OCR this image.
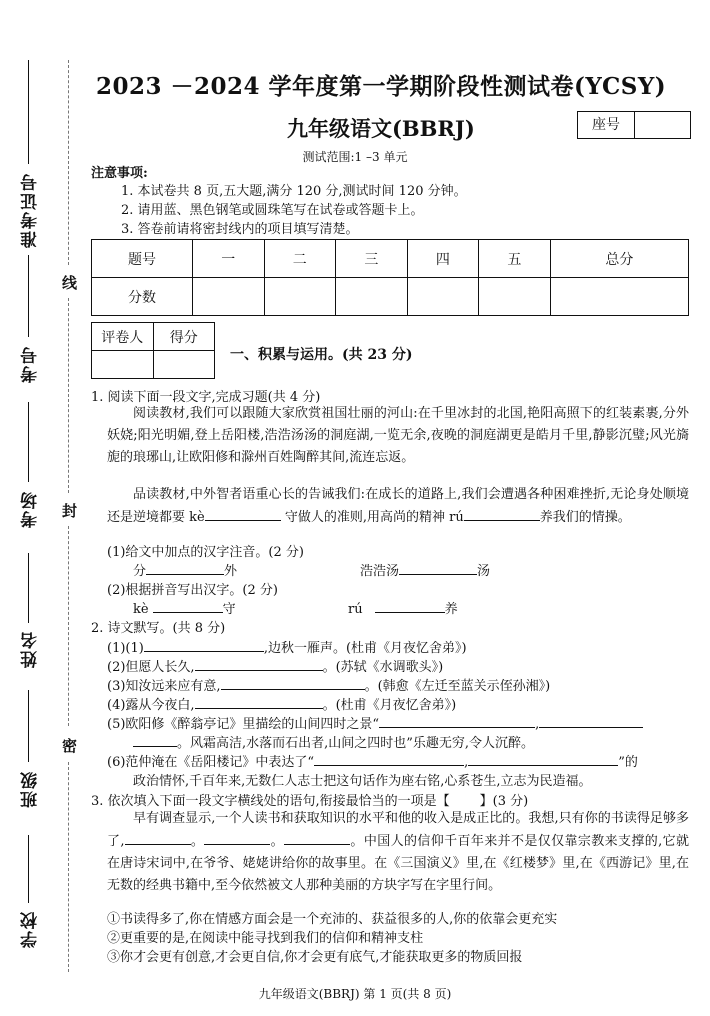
学校
班级
姓名
考场
考号
准考证号
线
封
密
2023 －2024 学年度第一学期阶段性测试卷(YCSY)
九年级语文(BBRJ)	座号
测试范围:1 –3 单元
注意事项:
1. 本试卷共 8 页,五大题,满分 120 分,测试时间 120 分钟。
2. 请用蓝、黑色钢笔或圆珠笔写在试卷或答题卡上。
3. 答卷前请将密封线内的项目填写清楚。
题号	一	二	三	四	五	总分
分数						
评卷人	得分

一、积累与运用。(共 23 分)
1. 阅读下面一段文字,完成习题(共 4 分)

阅读教材,我们可以跟随大家欣赏祖国壮丽的河山:在千里冰封的北国,艳阳高照下的红装素裹,分外妖娆;阳光明媚,登上岳阳楼,浩浩汤汤的洞庭湖,一览无余,夜晚的洞庭湖更是皓月千里,静影沉璧;风光旖旎的琅琊山,让欧阳修和滁州百姓陶醉其间,流连忘返。

品读教材,中外智者语重心长的告诫我们:在成长的道路上,我们会遭遇各种困难挫折,无论身处顺境还是逆境都要 kè	守做人的准则,用高尚的精神 rú	养我们的情操。

(1)给文中加点的汉字注音。(2 分)
分	外	浩浩汤	汤
(2)根据拼音写出汉字。(2 分)
kè	守	rú	养
2. 诗文默写。(共 8 分)
(1)(1)	,边秋一雁声。(杜甫《月夜忆舍弟》)
(2)但愿人长久,	。(苏轼《水调歌头》)
(3)知汝远来应有意,	。(韩愈《左迁至蓝关示侄孙湘》)
(4)露从今夜白,	。(杜甫《月夜忆舍弟》)
(5)欧阳修《醉翁亭记》里描绘的山间四时之景“	,
。风霜高洁,水落而石出者,山间之四时也”乐趣无穷,令人沉醉。
(6)范仲淹在《岳阳楼记》中表达了“	,	”的
政治情怀,千百年来,无数仁人志士把这句话作为座右铭,心系苍生,立志为民造福。
3. 依次填入下面一段文字横线处的语句,衔接最恰当的一项是【 】(3 分)

早有调查显示,一个人读书和获取知识的水平和他的收入是成正比的。我想,只有你的书读得足够多了,	。	。	。中国人的信仰千百年来并不是仅仅靠宗教来支撑的,它就在唐诗宋词中,在爷爷、姥姥讲给你的故事里。在《三国演义》里,在《红楼梦》里,在《西游记》里,在无数的经典书籍中,至今依然被文人那种美丽的方块字写在字里行间。

①书读得多了,你在情感方面会是一个充沛的、获益很多的人,你的依靠会更充实
②更重要的是,在阅读中能寻找到我们的信仰和精神支柱
③你才会更有创意,才会更自信,你才会更有底气,才能获取更多的物质回报
九年级语文(BBRJ) 第 1 页(共 8 页)
